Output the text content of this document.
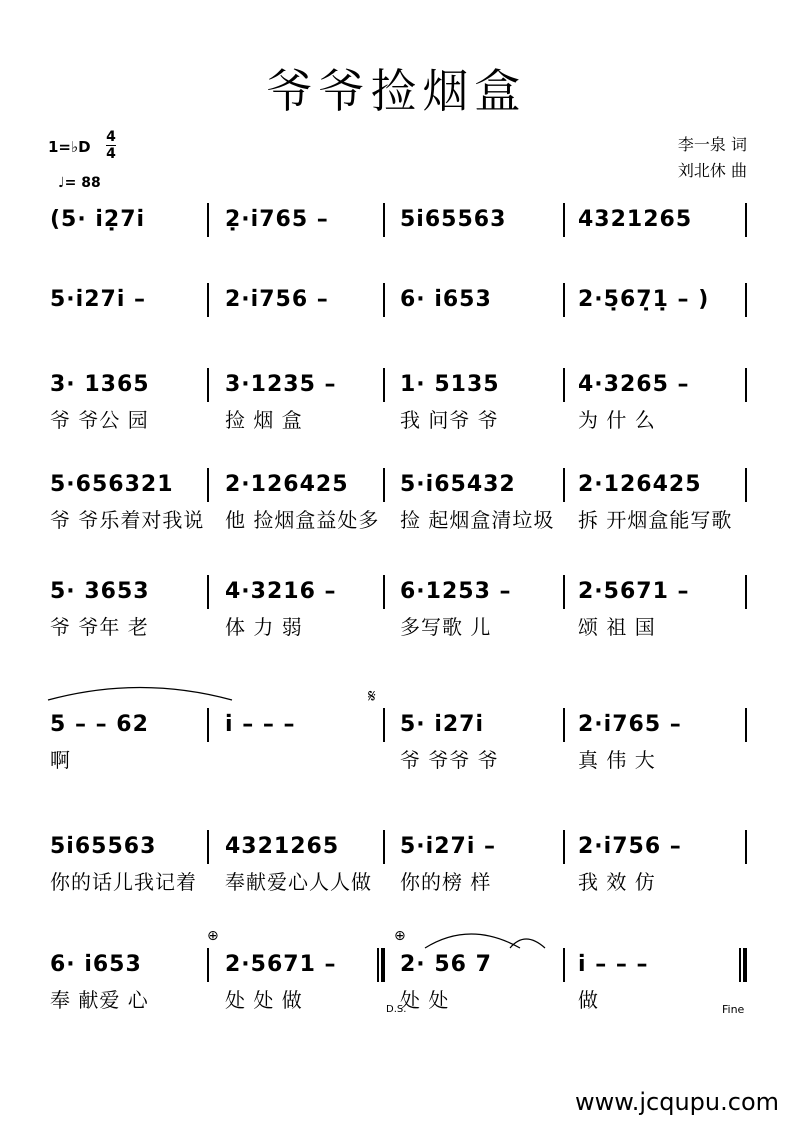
爷爷捡烟盒
1=♭D
4
4
♩= 88
李一泉 词
刘北休 曲
(5· i̇2̣7i̇	2̣·i̇765 –	5i̇65563	4321265
5·i̇27i̇ –	2·i̇756 –	6· i̇653	2·5̣67̣1̣ – )
3· 1365
爷 爷公 园
3·1235 –
捡 烟 盒
1· 5135
我 问爷 爷
4·3265 –
为 什 么
5·656321
爷 爷乐着对我说
2·126425
他 捡烟盒益处多
5·i̇65432
捡 起烟盒清垃圾
2·126425
拆 开烟盒能写歌
5· 3653
爷 爷年 老
4·3216 –
体 力 弱
6·1253 –
多写歌 儿
2·5671 –
颂 祖 国
5 – – 62
啊
i̇ – – –	5· i̇27i̇
爷 爷爷 爷
2·i̇765 –
真 伟 大
5i̇65563
你的话儿我记着
4321265
奉献爱心人人做
5·i̇27i̇ –
你的榜 样
2·i̇756 –
我 效 仿
6· i̇653
奉 献爱 心
2·5671 –
处 处 做
2· 56 7
处 处
i̇ – – –
做
𝄋
⊕	⊕
D.S.	Fine
www.jcqupu.com
